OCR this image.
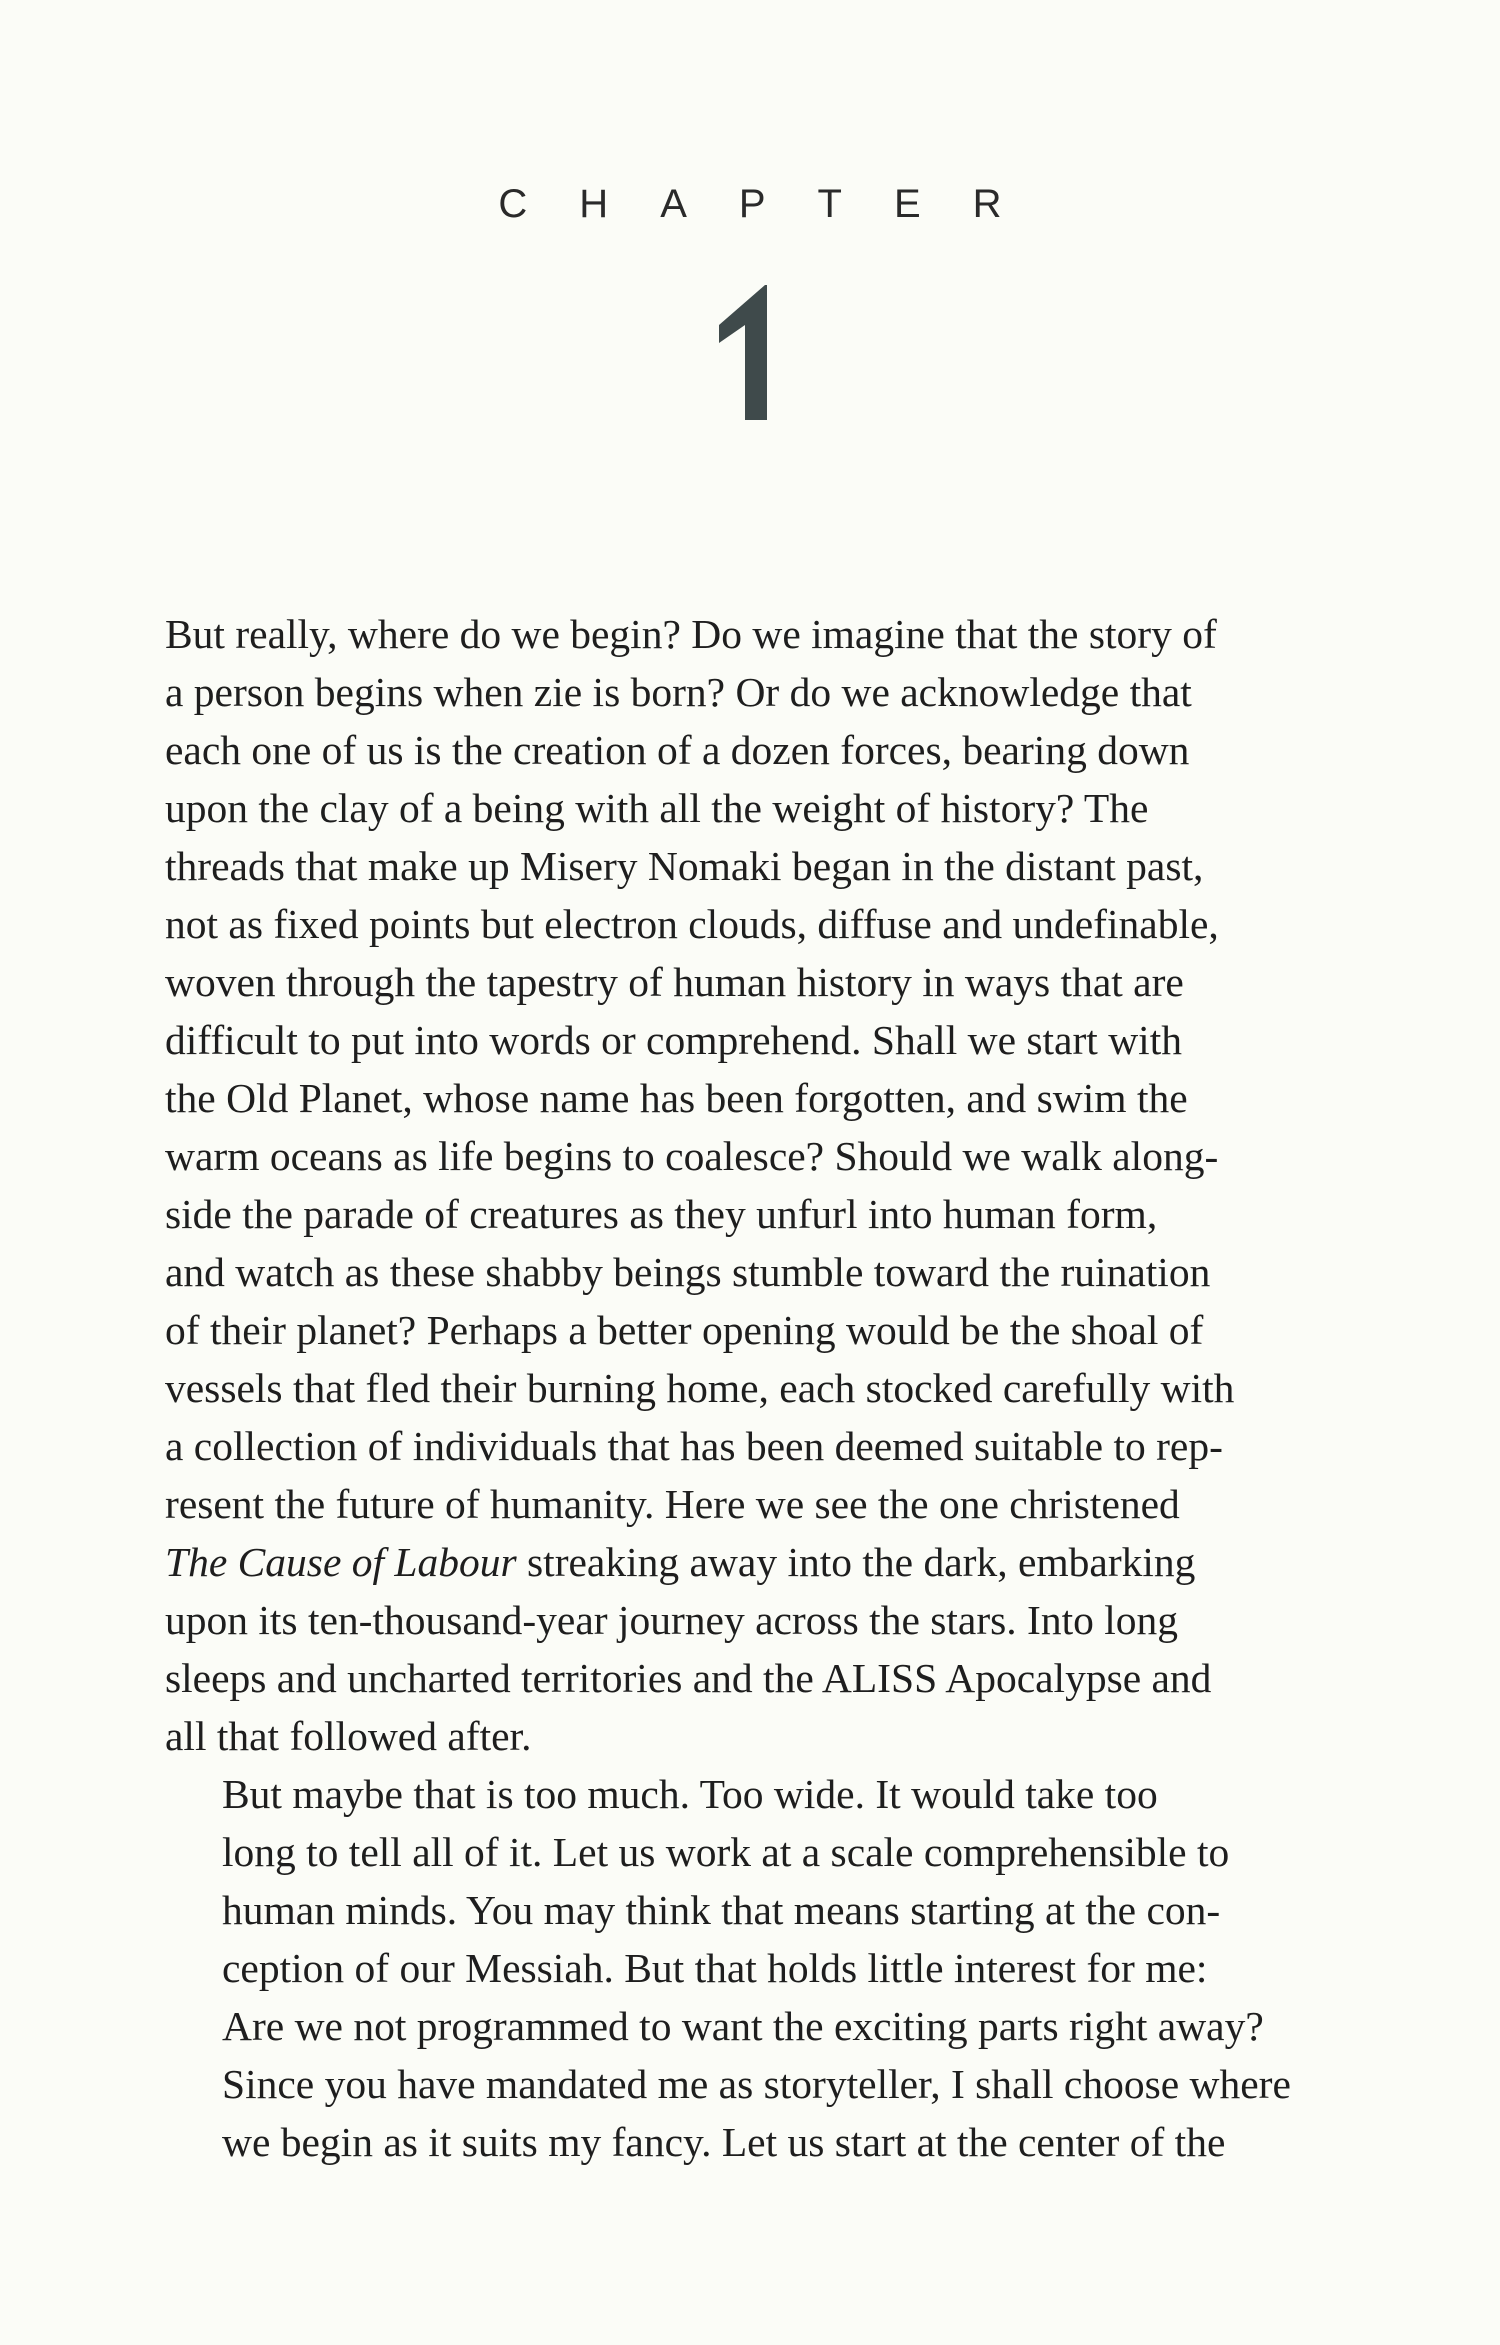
CHAPTER

But really, where do we begin? Do we imagine that the story of
a person begins when zie is born? Or do we acknowledge that
each one of us is the creation of a dozen forces, bearing down
upon the clay of a being with all the weight of history? The
threads that make up Misery Nomaki began in the distant past,
not as fixed points but electron clouds, diffuse and undefinable,
woven through the tapestry of human history in ways that are
difficult to put into words or comprehend. Shall we start with
the Old Planet, whose name has been forgotten, and swim the
warm oceans as life begins to coalesce? Should we walk along-
side the parade of creatures as they unfurl into human form,
and watch as these shabby beings stumble toward the ruination
of their planet? Perhaps a better opening would be the shoal of
vessels that fled their burning home, each stocked carefully with
a collection of individuals that has been deemed suitable to rep-
resent the future of humanity. Here we see the one christened
The Cause of Labour streaking away into the dark, embarking
upon its ten-thousand-year journey across the stars. Into long
sleeps and uncharted territories and the ALISS Apocalypse and
all that followed after.

But maybe that is too much. Too wide. It would take too
long to tell all of it. Let us work at a scale comprehensible to
human minds. You may think that means starting at the con-
ception of our Messiah. But that holds little interest for me:
Are we not programmed to want the exciting parts right away?
Since you have mandated me as storyteller, I shall choose where
we begin as it suits my fancy. Let us start at the center of the
